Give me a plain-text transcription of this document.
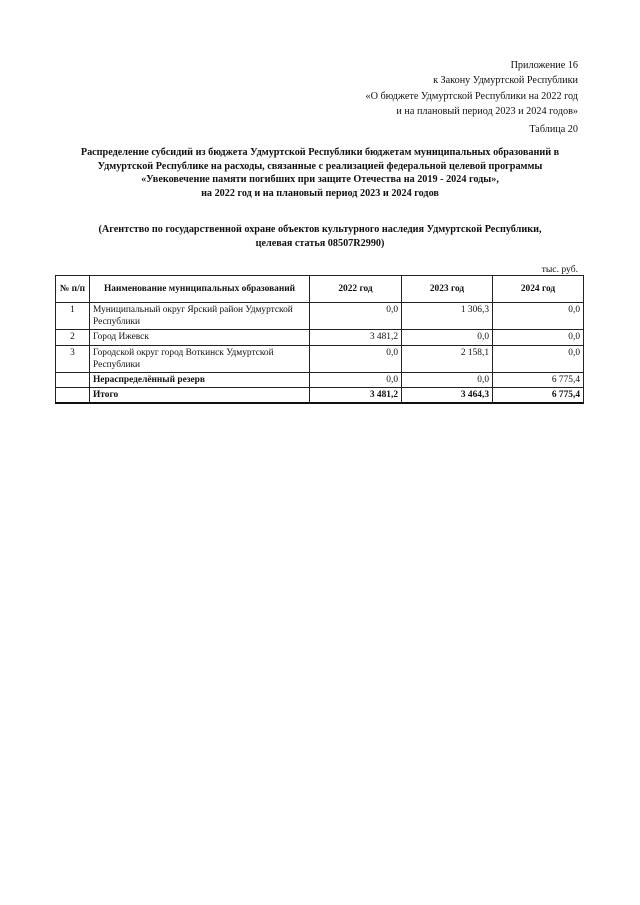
Приложение 16
к Закону Удмуртской Республики
«О бюджете Удмуртской Республики на 2022 год
и на плановый период 2023 и 2024 годов»
Таблица 20
Распределение субсидий из бюджета Удмуртской Республики бюджетам муниципальных образований в
Удмуртской Республике на расходы, связанные с реализацией федеральной целевой программы
«Увековечение памяти погибших при защите Отечества на 2019 - 2024 годы»,
на 2022 год и на плановый период 2023 и 2024 годов
(Агентство по государственной охране объектов культурного наследия Удмуртской Республики,
целевая статья 08507R2990)
тыс. руб.
№ п/п	Наименование муниципальных образований	2022 год	2023 год	2024 год
1	Муниципальный округ Ярский район Удмуртской Республики	0,0	1 306,3	0,0
2	Город Ижевск	3 481,2	0,0	0,0
3	Городской округ город Воткинск Удмуртской Республики	0,0	2 158,1	0,0
	Нераспределённый резерв	0,0	0,0	6 775,4
	Итого	3 481,2	3 464,3	6 775,4
